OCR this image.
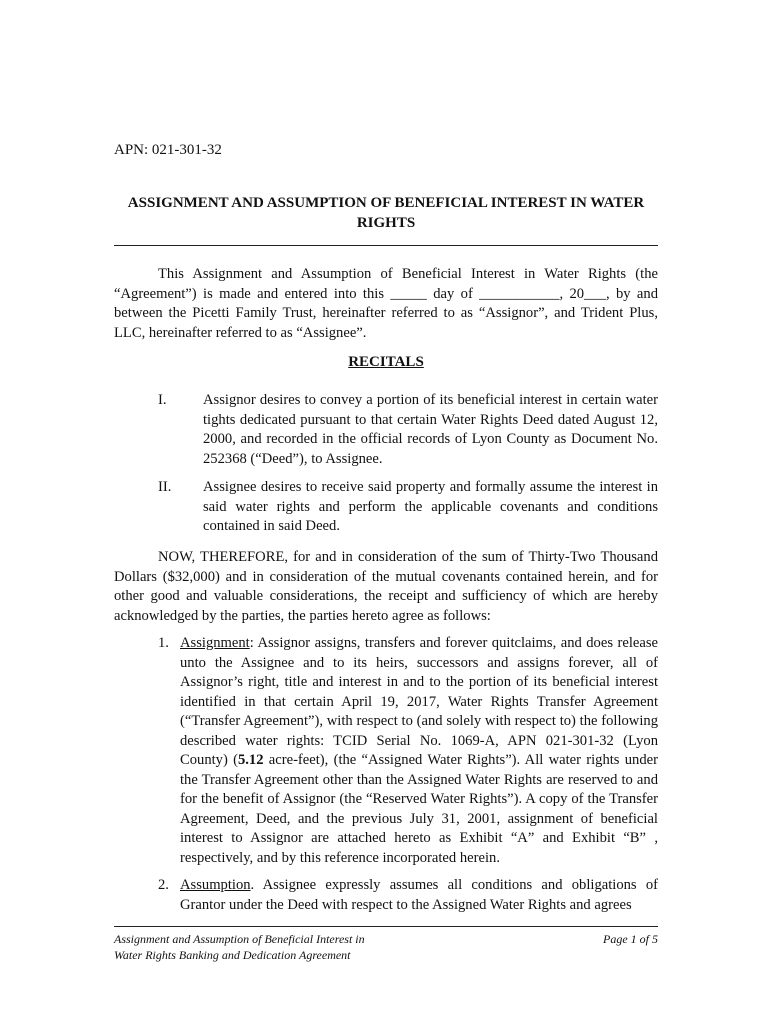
APN: 021-301-32
ASSIGNMENT AND ASSUMPTION OF BENEFICIAL INTEREST IN WATER RIGHTS

This Assignment and Assumption of Beneficial Interest in Water Rights (the “Agreement”) is made and entered into this _____ day of ___________, 20___, by and between the Picetti Family Trust, hereinafter referred to as “Assignor”, and Trident Plus, LLC, hereinafter referred to as “Assignee”.

RECITALS
I. Assignor desires to convey a portion of its beneficial interest in certain water tights dedicated pursuant to that certain Water Rights Deed dated August 12, 2000, and recorded in the official records of Lyon County as Document No. 252368 (“Deed”), to Assignee.

II. Assignee desires to receive said property and formally assume the interest in said water rights and perform the applicable covenants and conditions contained in said Deed.

NOW, THEREFORE, for and in consideration of the sum of Thirty-Two Thousand Dollars ($32,000) and in consideration of the mutual covenants contained herein, and for other good and valuable considerations, the receipt and sufficiency of which are hereby acknowledged by the parties, the parties hereto agree as follows:

1. Assignment: Assignor assigns, transfers and forever quitclaims, and does release unto the Assignee and to its heirs, successors and assigns forever, all of Assignor’s right, title and interest in and to the portion of its beneficial interest identified in that certain April 19, 2017, Water Rights Transfer Agreement (“Transfer Agreement”), with respect to (and solely with respect to) the following described water rights: TCID Serial No. 1069-A, APN 021-301-32 (Lyon County) (5.12 acre-feet), (the “Assigned Water Rights”). All water rights under the Transfer Agreement other than the Assigned Water Rights are reserved to and for the benefit of Assignor (the “Reserved Water Rights”). A copy of the Transfer Agreement, Deed, and the previous July 31, 2001, assignment of beneficial interest to Assignor are attached hereto as Exhibit “A” and Exhibit “B” , respectively, and by this reference incorporated herein.

2. Assumption. Assignee expressly assumes all conditions and obligations of Grantor under the Deed with respect to the Assigned Water Rights and agrees

Assignment and Assumption of Beneficial Interest in
Water Rights Banking and Dedication Agreement
Page 1 of 5
